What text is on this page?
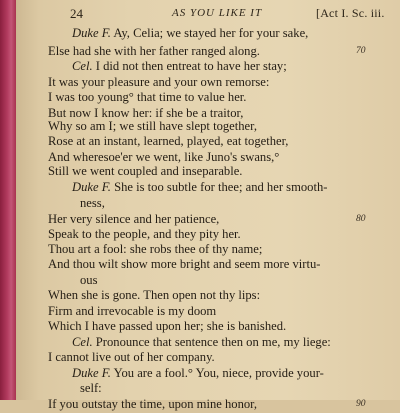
24	AS YOU LIKE IT	[Act I. Sc. iii.
Duke F. Ay, Celia; we stayed her for your sake,
Else had she with her father ranged along.
Cel. I did not then entreat to have her stay;
It was your pleasure and your own remorse:
I was too young° that time to value her.
But now I know her: if she be a traitor,
Why so am I; we still have slept together,
Rose at an instant, learned, played, eat together,
And wheresoe'er we went, like Juno's swans,°
Still we went coupled and inseparable.
Duke F. She is too subtle for thee; and her smooth-
ness,
Her very silence and her patience,
Speak to the people, and they pity her.
Thou art a fool: she robs thee of thy name;
And thou wilt show more bright and seem more virtu-
ous
When she is gone. Then open not thy lips:
Firm and irrevocable is my doom
Which I have passed upon her; she is banished.
Cel. Pronounce that sentence then on me, my liege:
I cannot live out of her company.
Duke F. You are a fool.° You, niece, provide your-
self:
If you outstay the time, upon mine honor,
70
80
90
